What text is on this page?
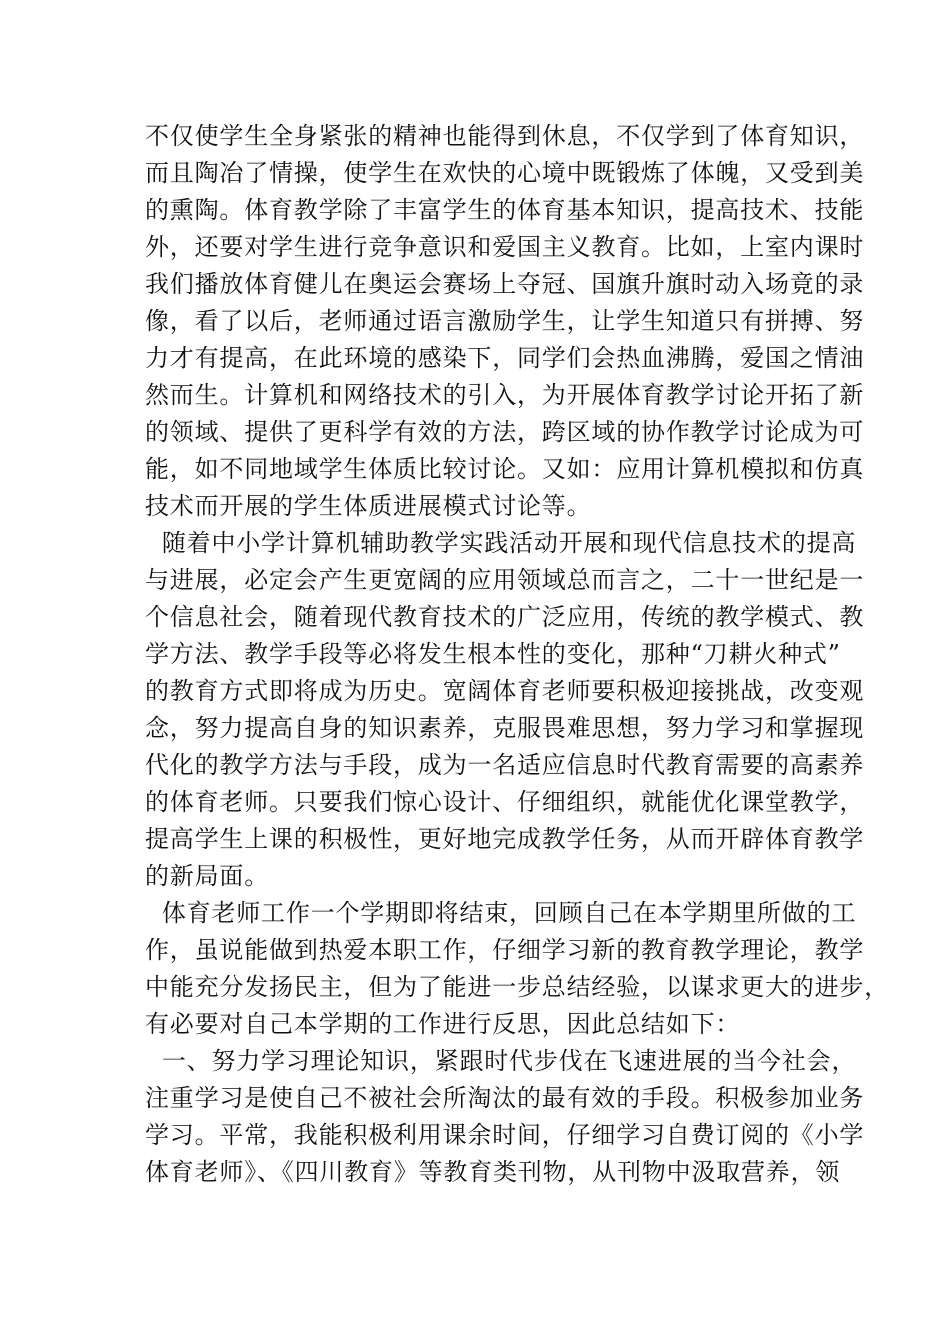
不仅使学生全身紧张的精神也能得到休息，不仅学到了体育知识，
而且陶冶了情操，使学生在欢快的心境中既锻炼了体魄，又受到美
的熏陶。体育教学除了丰富学生的体育基本知识，提高技术、技能
外，还要对学生进行竞争意识和爱国主义教育。比如，上室内课时
我们播放体育健儿在奥运会赛场上夺冠、国旗升旗时动入场竟的录
像，看了以后，老师通过语言激励学生，让学生知道只有拼搏、努
力才有提高，在此环境的感染下，同学们会热血沸腾，爱国之情油
然而生。计算机和网络技术的引入，为开展体育教学讨论开拓了新
的领域、提供了更科学有效的方法，跨区域的协作教学讨论成为可
能，如不同地域学生体质比较讨论。又如：应用计算机模拟和仿真
技术而开展的学生体质进展模式讨论等。
随着中小学计算机辅助教学实践活动开展和现代信息技术的提高
与进展，必定会产生更宽阔的应用领域总而言之，二十一世纪是一
个信息社会，随着现代教育技术的广泛应用，传统的教学模式、教
学方法、教学手段等必将发生根本性的变化，那种“刀耕火种式”
的教育方式即将成为历史。宽阔体育老师要积极迎接挑战，改变观
念，努力提高自身的知识素养，克服畏难思想，努力学习和掌握现
代化的教学方法与手段，成为一名适应信息时代教育需要的高素养
的体育老师。只要我们惊心设计、仔细组织，就能优化课堂教学，
提高学生上课的积极性，更好地完成教学任务，从而开辟体育教学
的新局面。
体育老师工作一个学期即将结束，回顾自己在本学期里所做的工
作，虽说能做到热爱本职工作，仔细学习新的教育教学理论，教学
中能充分发扬民主，但为了能进一步总结经验，以谋求更大的进步，
有必要对自己本学期的工作进行反思，因此总结如下：
一、努力学习理论知识，紧跟时代步伐在飞速进展的当今社会，
注重学习是使自己不被社会所淘汰的最有效的手段。积极参加业务
学习。平常，我能积极利用课余时间，仔细学习自费订阅的《小学
体育老师》、《四川教育》等教育类刊物，从刊物中汲取营养，领
